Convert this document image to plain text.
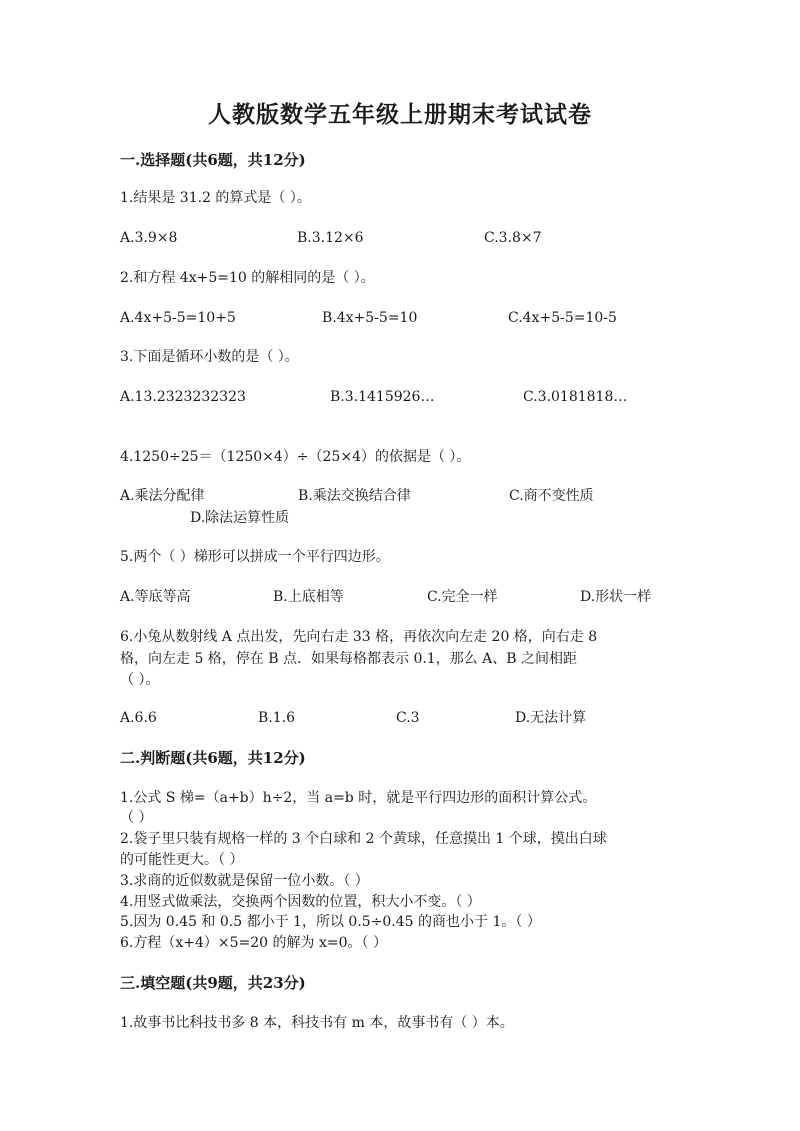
人教版数学五年级上册期末考试试卷
一.选择题(共6题，共12分)
1.结果是 31.2 的算式是（ ）。
A.3.9×8	B.3.12×6	C.3.8×7
2.和方程 4x+5=10 的解相同的是（ ）。
A.4x+5-5=10+5	B.4x+5-5=10	C.4x+5-5=10-5
3.下面是循环小数的是（ ）。
A.13.2323232323	B.3.1415926…	C.3.0181818…
4.1250÷25＝（1250×4）÷（25×4）的依据是（ ）。
A.乘法分配律	B.乘法交换结合律	C.商不变性质
D.除法运算性质
5.两个（ ）梯形可以拼成一个平行四边形。
A.等底等高	B.上底相等	C.完全一样	D.形状一样
6.小兔从数射线 A 点出发，先向右走 33 格，再依次向左走 20 格，向右走 8
格，向左走 5 格，停在 B 点．如果每格都表示 0.1，那么 A、B 之间相距
（ ）。
A.6.6	B.1.6	C.3	D.无法计算
二.判断题(共6题，共12分)
1.公式 S 梯=（a+b）h÷2，当 a=b 时，就是平行四边形的面积计算公式。
（ ）
2.袋子里只装有规格一样的 3 个白球和 2 个黄球，任意摸出 1 个球，摸出白球
的可能性更大。（ ）
3.求商的近似数就是保留一位小数。（ ）
4.用竖式做乘法，交换两个因数的位置，积大小不变。（ ）
5.因为 0.45 和 0.5 都小于 1，所以 0.5÷0.45 的商也小于 1。（ ）
6.方程（x+4）×5=20 的解为 x=0。（ ）
三.填空题(共9题，共23分)
1.故事书比科技书多 8 本，科技书有 m 本，故事书有（ ）本。
